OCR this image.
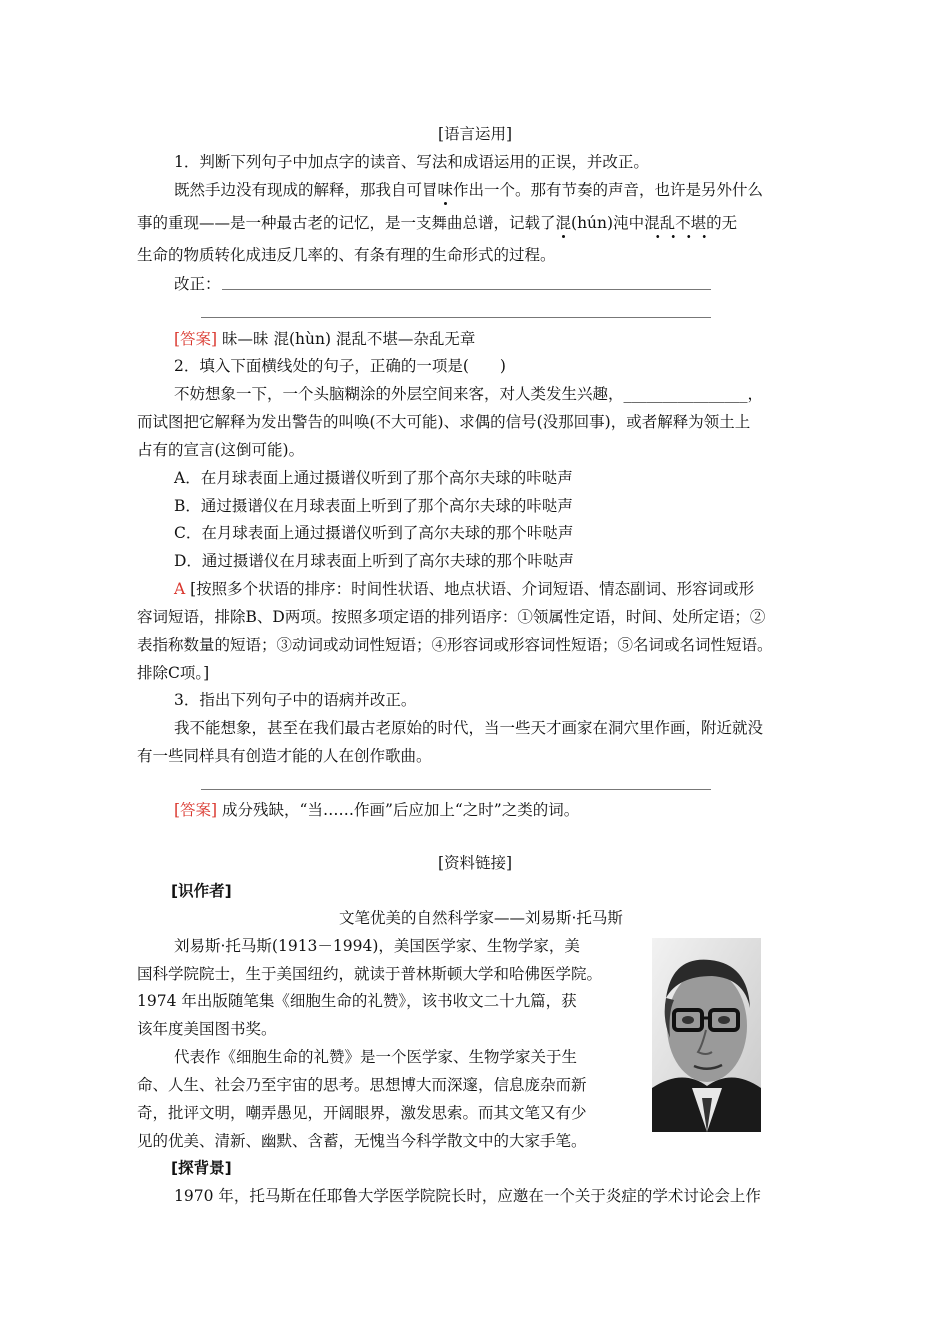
[语言运用]
1．判断下列句子中加点字的读音、写法和成语运用的正误，并改正。
既然手边没有现成的解释，那我自可冒味作出一个。那有节奏的声音，也许是另外什么
事的重现——是一种最古老的记忆，是一支舞曲总谱，记载了混(hún)沌中混乱不堪
的无
生命的物质转化成违反几率的、有条有理的生命形式的过程。
改正：
[答案] 昧—昧 混(hùn) 混乱不堪—杂乱无章
2．填入下面横线处的句子，正确的一项是(　　)
不妨想象一下，一个头脑糊涂的外层空间来客，对人类发生兴趣，________________，
而试图把它解释为发出警告的叫唤(不大可能)、求偶的信号(没那回事)，或者解释为领土上
占有的宣言(这倒可能)。
A．在月球表面上通过摄谱仪听到了那个高尔夫球的咔哒声
B．通过摄谱仪在月球表面上听到了那个高尔夫球的咔哒声
C．在月球表面上通过摄谱仪听到了高尔夫球的那个咔哒声
D．通过摄谱仪在月球表面上听到了高尔夫球的那个咔哒声
A [按照多个状语的排序：时间性状语、地点状语、介词短语、情态副词、形容词或形
容词短语，排除B、D两项。按照多项定语的排列语序：①领属性定语，时间、处所定语；②
表指称数量的短语；③动词或动词性短语；④形容词或形容词性短语；⑤名词或名词性短语。
排除C项。]
3．指出下列句子中的语病并改正。
我不能想象，甚至在我们最古老原始的时代，当一些天才画家在洞穴里作画，附近就没
有一些同样具有创造才能的人在创作歌曲。
[答案] 成分残缺，“当……作画”后应加上“之时”之类的词。
[资料链接]
[识作者]
文笔优美的自然科学家——刘易斯·托马斯
刘易斯·托马斯(1913－1994)，美国医学家、生物学家，美
国科学院院士，生于美国纽约，就读于普林斯顿大学和哈佛医学院。
1974 年出版随笔集《细胞生命的礼赞》，该书收文二十九篇，获
该年度美国图书奖。
代表作《细胞生命的礼赞》是一个医学家、生物学家关于生
命、人生、社会乃至宇宙的思考。思想博大而深邃，信息庞杂而新
奇，批评文明，嘲弄愚见，开阔眼界，激发思索。而其文笔又有少
见的优美、清新、幽默、含蓄，无愧当今科学散文中的大家手笔。
[探背景]
1970 年，托马斯在任耶鲁大学医学院院长时，应邀在一个关于炎症的学术讨论会上作
